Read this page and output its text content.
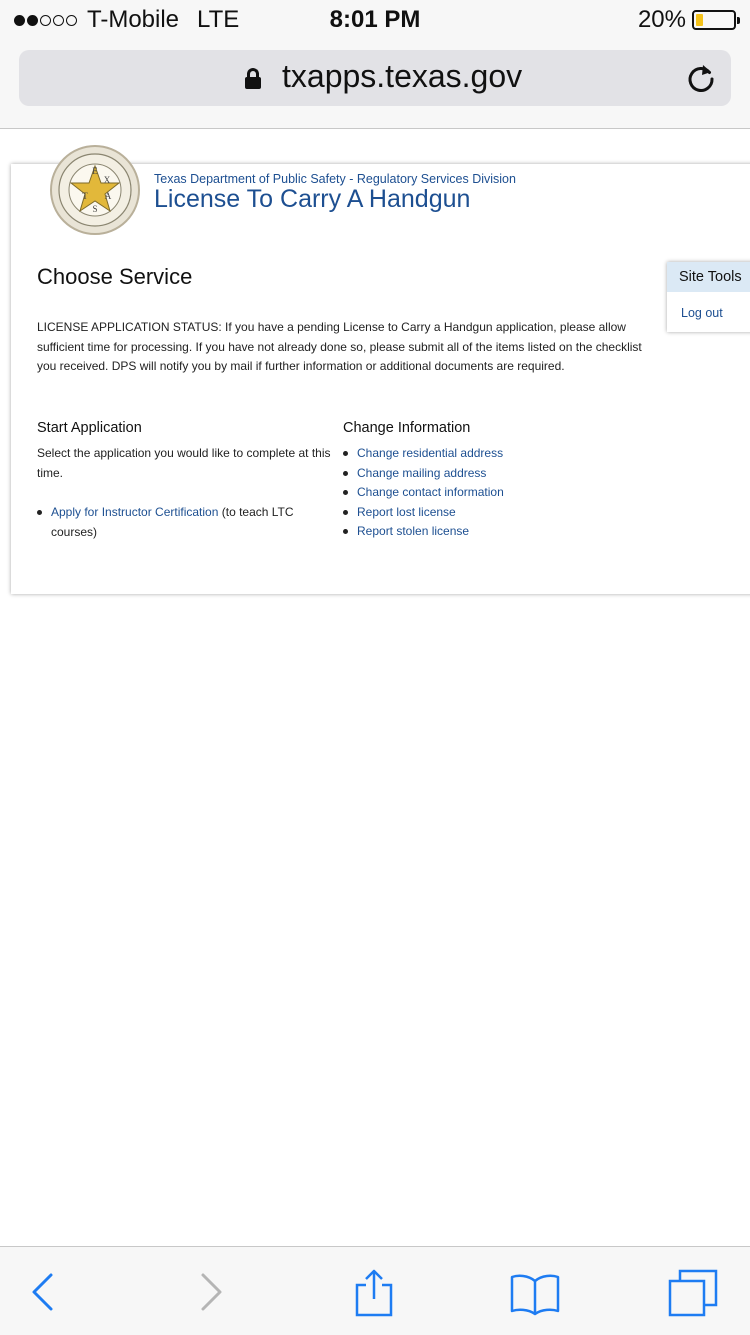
T-Mobile LTE	8:01 PM	20%
txapps.texas.gov
E
X
T A
S
Texas Department of Public Safety - Regulatory Services Division
License To Carry A Handgun
Choose Service

LICENSE APPLICATION STATUS: If you have a pending License to Carry a Handgun application, please allow sufficient time for processing. If you have not already done so, please submit all of the items listed on the checklist you received. DPS will notify you by mail if further information or additional documents are required.

Start Application

Select the application you would like to complete at this time.

Apply for Instructor Certification (to teach LTC courses)
Change Information
Change residential address
Change mailing address
Change contact information
Report lost license
Report stolen license
Site Tools
Log out
